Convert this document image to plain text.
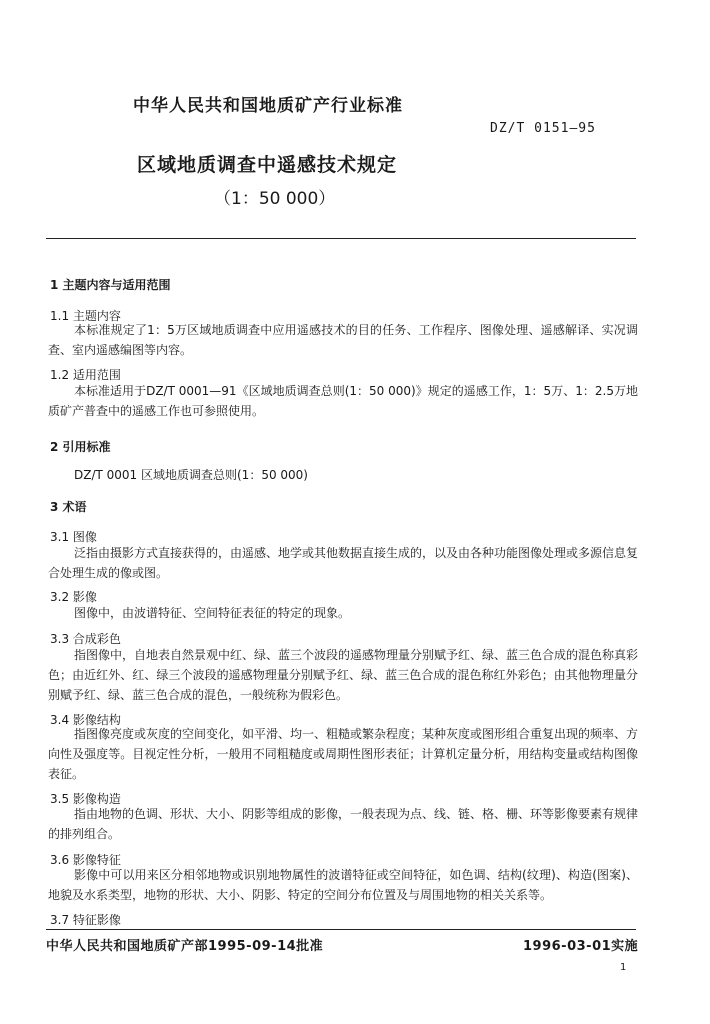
中华人民共和国地质矿产行业标准
DZ/T 0151—95
区域地质调查中遥感技术规定
（1：50 000）
1 主题内容与适用范围
1.1 主题内容
本标准规定了1：5万区域地质调查中应用遥感技术的目的任务、工作程序、图像处理、遥感解译、实况调查、室内遥感编图等内容。
1.2 适用范围
本标准适用于DZ/T 0001—91《区域地质调查总则(1：50 000)》规定的遥感工作，1：5万、1：2.5万地质矿产普查中的遥感工作也可参照使用。
2 引用标准
DZ/T 0001 区域地质调查总则(1：50 000)
3 术语
3.1 图像
泛指由摄影方式直接获得的，由遥感、地学或其他数据直接生成的，以及由各种功能图像处理或多源信息复合处理生成的像或图。
3.2 影像
图像中，由波谱特征、空间特征表征的特定的现象。
3.3 合成彩色
指图像中，自地表自然景观中红、绿、蓝三个波段的遥感物理量分别赋予红、绿、蓝三色合成的混色称真彩色；由近红外、红、绿三个波段的遥感物理量分别赋予红、绿、蓝三色合成的混色称红外彩色；由其他物理量分别赋予红、绿、蓝三色合成的混色，一般统称为假彩色。
3.4 影像结构
指图像亮度或灰度的空间变化，如平滑、均一、粗糙或繁杂程度；某种灰度或图形组合重复出现的频率、方向性及强度等。目视定性分析，一般用不同粗糙度或周期性图形表征；计算机定量分析，用结构变量或结构图像表征。
3.5 影像构造
指由地物的色调、形状、大小、阴影等组成的影像，一般表现为点、线、链、格、栅、环等影像要素有规律的排列组合。
3.6 影像特征
影像中可以用来区分相邻地物或识别地物属性的波谱特征或空间特征，如色调、结构(纹理)、构造(图案)、地貌及水系类型，地物的形状、大小、阴影、特定的空间分布位置及与周围地物的相关关系等。
3.7 特征影像
中华人民共和国地质矿产部1995-09-14批准	1996-03-01实施
1
